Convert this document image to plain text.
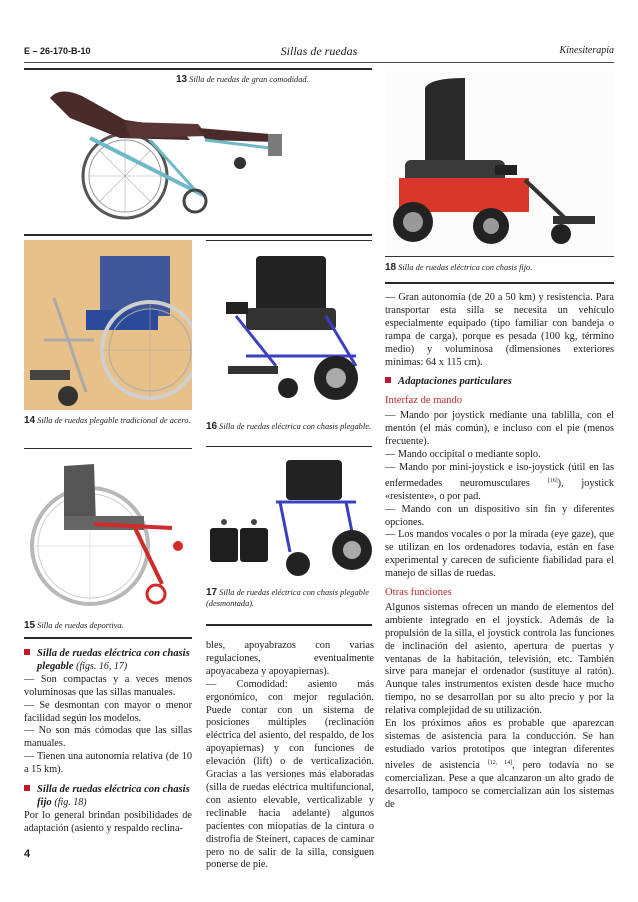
E – 26-170-B-10	Sillas de ruedas	Kinesiterapia
13 Silla de ruedas de gran comodidad.
14 Silla de ruedas plegable tradicional de acero.
16 Silla de ruedas eléctrica con chasis plegable.
18 Silla de ruedas eléctrica con chasis fijo.
15 Silla de ruedas deportiva.
17 Silla de ruedas eléctrica con chasis plegable (desmontada).

Silla de ruedas eléctrica con chasis plegable (figs. 16, 17)

— Son compactas y a veces menos voluminosas que las sillas manuales.

— Se desmontan con mayor o menor facilidad según los modelos.

— No son más cómodas que las sillas manuales.

— Tienen una autonomía relativa (de 10 a 15 km).

Silla de ruedas eléctrica con chasis fijo (fig. 18)

Por lo general brindan posibilidades de adaptación (asiento y respaldo reclina-

bles, apoyabrazos con varias regulaciones, eventualmente apoyacabeza y apoyapiernas).

— Comodidad: asiento más ergonómico, con mejor regulación. Puede contar con un sistema de posiciones múltiples (reclinación eléctrica del asiento, del respaldo, de los apoyapiernas) y con funciones de elevación (lift) o de verticalización. Gracias a las versiones más elaboradas (silla de ruedas eléctrica multifuncional, con asiento elevable, verticalizable y reclinable hacia adelante) algunos pacientes con miopatías de la cintura o distrofia de Steinert, capaces de caminar pero no de salir de la silla, consiguen ponerse de pie.

— Gran autonomía (de 20 a 50 km) y resistencia. Para transportar esta silla se necesita un vehículo especialmente equipado (tipo familiar con bandeja o rampa de carga), porque es pesada (100 kg, término medio) y voluminosa (dimensiones exteriores mínimas: 64 x 115 cm).

Adaptaciones particulares

Interfaz de mando

— Mando por joystick mediante una tablilla, con el mentón (el más común), e incluso con el pie (menos frecuente).

— Mando occipital o mediante soplo.

— Mando por mini-joystick e iso-joystick (útil en las enfermedades neuromusculares [16]), joystick «resistente», o por pad.

— Mando con un dispositivo sin fin y diferentes opciones.

— Los mandos vocales o por la mirada (eye gaze), que se utilizan en los ordenadores todavía, están en fase experimental y carecen de suficiente fiabilidad para el manejo de sillas de ruedas.

Otras funciones

Algunos sistemas ofrecen un mando de elementos del ambiente integrado en el joystick. Además de la propulsión de la silla, el joystick controla las funciones de inclinación del asiento, apertura de puertas y ventanas de la habitación, televisión, etc. También sirve para manejar el ordenador (sustituye al ratón). Aunque tales instrumentos existen desde hace mucho tiempo, no se desarrollan por su alto precio y por la relativa complejidad de su utilización.

En los próximos años es probable que aparezcan sistemas de asistencia para la conducción. Se han estudiado varios prototipos que integran diferentes niveles de asistencia [12, 14], pero todavía no se comercializan. Pese a que alcanzaron un alto grado de desarrollo, tampoco se comercializan aún los sistemas de

4
